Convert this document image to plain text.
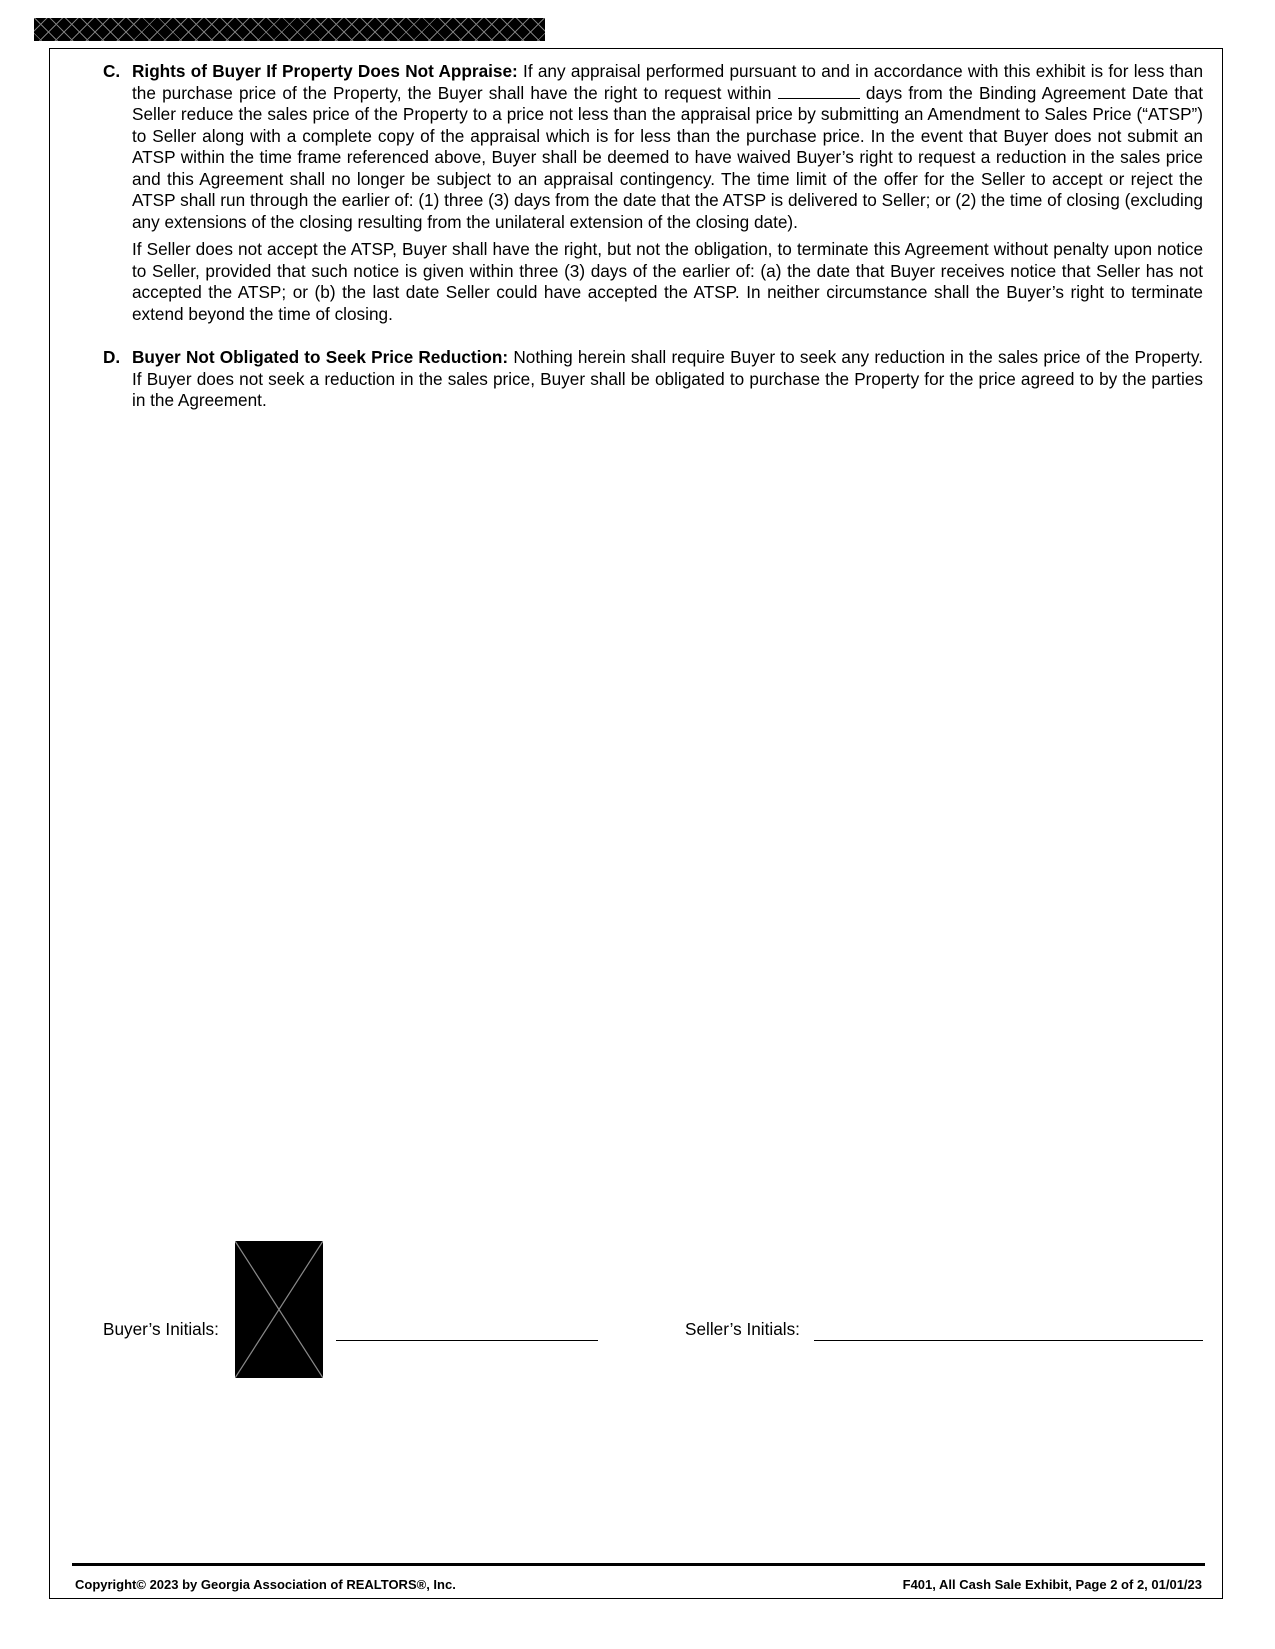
C. Rights of Buyer If Property Does Not Appraise: If any appraisal performed pursuant to and in accordance with this exhibit is for less than the purchase price of the Property, the Buyer shall have the right to request within	days from the Binding Agreement Date that Seller reduce the sales price of the Property to a price not less than the appraisal price by submitting an Amendment to Sales Price (“ATSP”) to Seller along with a complete copy of the appraisal which is for less than the purchase price. In the event that Buyer does not submit an ATSP within the time frame referenced above, Buyer shall be deemed to have waived Buyer’s right to request a reduction in the sales price and this Agreement shall no longer be subject to an appraisal contingency. The time limit of the offer for the Seller to accept or reject the ATSP shall run through the earlier of: (1) three (3) days from the date that the ATSP is delivered to Seller; or (2) the time of closing (excluding any extensions of the closing resulting from the unilateral extension of the closing date).

If Seller does not accept the ATSP, Buyer shall have the right, but not the obligation, to terminate this Agreement without penalty upon notice to Seller, provided that such notice is given within three (3) days of the earlier of: (a) the date that Buyer receives notice that Seller has not accepted the ATSP; or (b) the last date Seller could have accepted the ATSP. In neither circumstance shall the Buyer’s right to terminate extend beyond the time of closing.

D. Buyer Not Obligated to Seek Price Reduction: Nothing herein shall require Buyer to seek any reduction in the sales price of the Property. If Buyer does not seek a reduction in the sales price, Buyer shall be obligated to purchase the Property for the price agreed to by the parties in the Agreement.

Buyer’s Initials:	Seller’s Initials:
Copyright© 2023 by Georgia Association of REALTORS®, Inc.	F401, All Cash Sale Exhibit, Page 2 of 2, 01/01/23
